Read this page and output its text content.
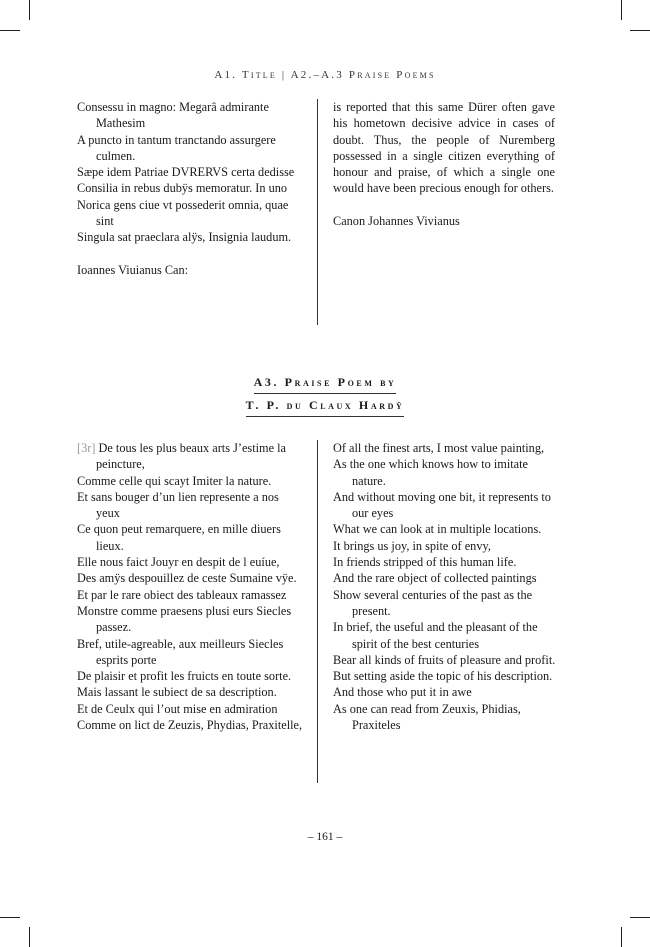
A1. Title | A2.–A.3 Praise Poems
Consessu in magno: Megarâ admirante Mathesim
A puncto in tantum tranctando assurgere culmen.
Sæpe idem Patriae DVRERVS certa dedisse
Consilia in rebus dubÿs memoratur. In uno
Norica gens ciue vt possederit omnia, quae sint
Singula sat praeclara alÿs, Insignia laudum.
Ioannes Viuianus Can:
is reported that this same Dürer often gave his hometown decisive advice in cases of doubt. Thus, the people of Nuremberg possessed in a single citizen everything of honour and praise, of which a single one would have been precious enough for others.
Canon Johannes Vivianus
A3. Praise Poem by
T. P. du Claux Hardÿ
[3r] De tous les plus beaux arts J’estime la peincture,
Comme celle qui scayt Imiter la nature.
Et sans bouger d’un lien represente a nos yeux
Ce quon peut remarquere, en mille diuers lieux.
Elle nous faict Jouyr en despit de l euíue,
Des amÿs despouillez de ceste Sumaine vÿe.
Et par le rare obiect des tableaux ramassez
Monstre comme praesens plusi eurs Siecles passez.
Bref, utile-agreable, aux meilleurs Siecles esprits porte
De plaisir et profit les fruicts en toute sorte.
Mais lassant le subiect de sa description.
Et de Ceulx qui l’out mise en admiration
Comme on lict de Zeuzis, Phydias, Praxitelle,
Of all the finest arts, I most value painting,
As the one which knows how to imitate nature.
And without moving one bit, it represents to our eyes
What we can look at in multiple locations.
It brings us joy, in spite of envy,
In friends stripped of this human life.
And the rare object of collected paintings
Show several centuries of the past as the present.
In brief, the useful and the pleasant of the spirit of the best centuries
Bear all kinds of fruits of pleasure and profit.
But setting aside the topic of his description.
And those who put it in awe
As one can read from Zeuxis, Phidias, Praxiteles
– 161 –
